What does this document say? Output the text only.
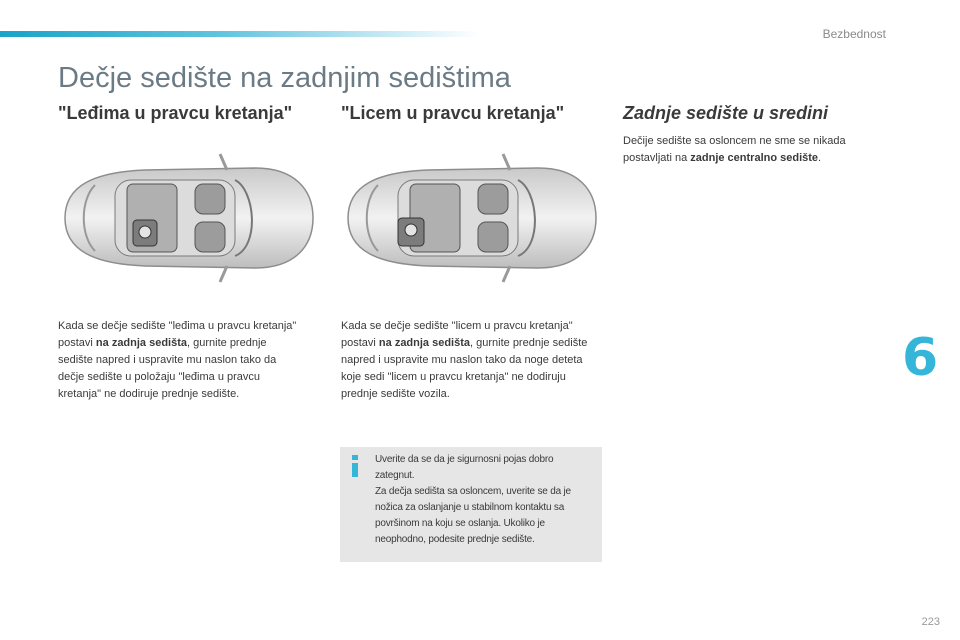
Bezbednost
Dečje sedište na zadnjim sedištima
"Leđima u pravcu kretanja"
Kada se dečje sedište "leđima u pravcu kretanja" postavi na zadnja sedišta, gurnite prednje sedište napred i uspravite mu naslon tako da dečje sedište u položaju "leđima u pravcu kretanja" ne dodiruje prednje sedište.
"Licem u pravcu kretanja"
Kada se dečje sedište "licem u pravcu kretanja" postavi na zadnja sedišta, gurnite prednje sedište napred i uspravite mu naslon tako da noge deteta koje sedi "licem u pravcu kretanja" ne dodiruju prednje sedište vozila.
Zadnje sedište u sredini
Dečije sedište sa osloncem ne sme se nikada postavljati na zadnje centralno sedište.
Uverite da se da je sigurnosni pojas dobro zategnut.
Za dečja sedišta sa osloncem, uverite se da je nožica za oslanjanje u stabilnom kontaktu sa površinom na koju se oslanja. Ukoliko je neophodno, podesite prednje sedište.
6
223
